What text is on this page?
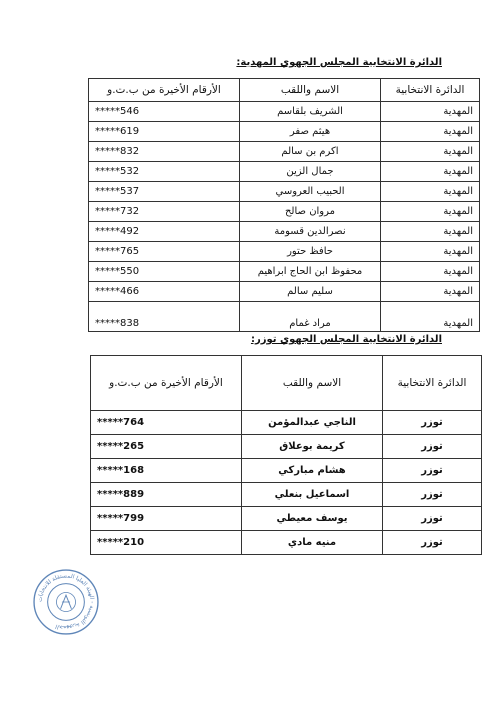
الدائرة الانتخابية المجلس الجهوي المهدية:
الدائرة الانتخابية	الاسم واللقب	الأرقام الأخيرة من ب.ت.و
المهدية	الشريف بلقاسم	*****546
المهدية	هيثم صفر	*****619
المهدية	اكرم بن سالم	*****832
المهدية	جمال الزين	*****532
المهدية	الحبيب العروسي	*****537
المهدية	مروان صالح	*****732
المهدية	نصرالدين قسومة	*****492
المهدية	حافظ حتور	*****765
المهدية	محفوظ ابن الحاج ابراهيم	*****550
المهدية	سليم سالم	*****466
المهدية	مراد غمام	*****838
الدائرة الانتخابية المجلس الجهوي توزر:
الدائرة الانتخابية	الاسم واللقب	الأرقام الأخيرة من ب.ت.و
توزر	الناجي عبدالمؤمن	*****764
توزر	كريمة بوعلاق	*****265
توزر	هشام مباركي	*****168
توزر	اسماعيل بنعلي	*****889
توزر	يوسف معيطي	*****799
توزر	منيه مادي	*****210
الجمهورية التونسية - الهيئة العليا المستقلة للانتخابات
